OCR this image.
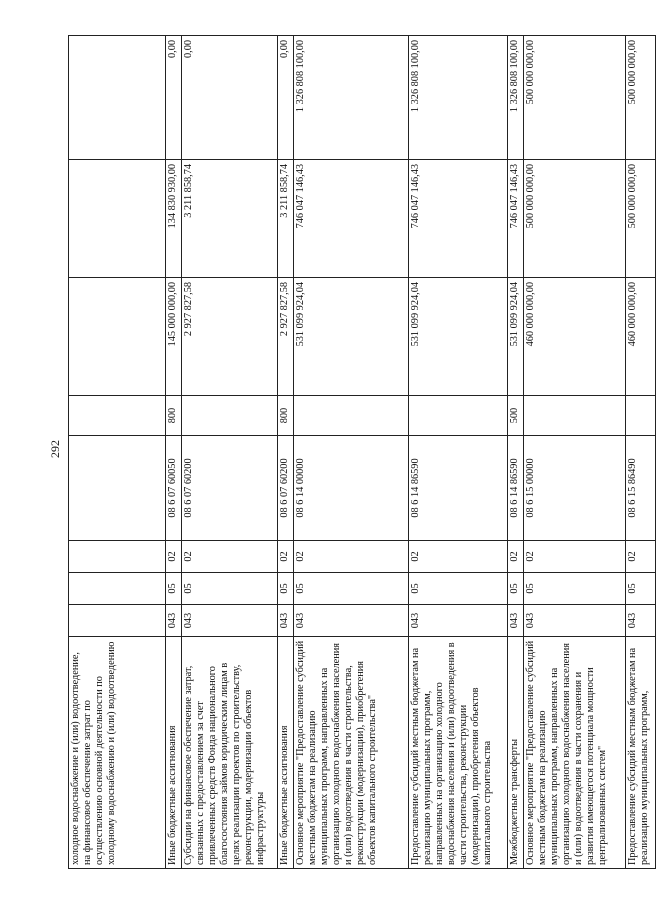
292
холодное водоснабжение и (или) водоотведение, на финансовое обеспечение затрат по осуществлению основной деятельности по холодному водоснабжению и (или) водоотведению								
Иные бюджетные ассигнования	043	05	02	08 6 07 60050	800	145 000 000,00	134 830 930,00	0,00
Субсидии на финансовое обеспечение затрат, связанных с предоставлением за счет привлеченных средств Фонда национального благосостояния займов юридическим лицам в целях реализации проектов по строительству, реконструкции, модернизации объектов инфраструктуры	043	05	02	08 6 07 60200		2 927 827,58	3 211 858,74	0,00
Иные бюджетные ассигнования	043	05	02	08 6 07 60200	800	2 927 827,58	3 211 858,74	0,00
Основное мероприятие "Предоставление субсидий местным бюджетам на реализацию муниципальных программ, направленных на организацию холодного водоснабжения населения и (или) водоотведения в части строительства, реконструкции (модернизации), приобретения объектов капитального строительства"	043	05	02	08 6 14 00000		531 099 924,04	746 047 146,43	1 326 808 100,00
Предоставление субсидий местным бюджетам на реализацию муниципальных программ, направленных на организацию холодного водоснабжения населения и (или) водоотведения в части строительства, реконструкции (модернизации), приобретения объектов капитального строительства	043	05	02	08 6 14 86590		531 099 924,04	746 047 146,43	1 326 808 100,00
Межбюджетные трансферты	043	05	02	08 6 14 86590	500	531 099 924,04	746 047 146,43	1 326 808 100,00
Основное мероприятие "Предоставление субсидий местным бюджетам на реализацию муниципальных программ, направленных на организацию холодного водоснабжения населения и (или) водоотведения в части сохранения и развития имеющегося потенциала мощности централизованных систем"	043	05	02	08 6 15 00000		460 000 000,00	500 000 000,00	500 000 000,00
Предоставление субсидий местным бюджетам на реализацию муниципальных программ,	043	05	02	08 6 15 86490		460 000 000,00	500 000 000,00	500 000 000,00
